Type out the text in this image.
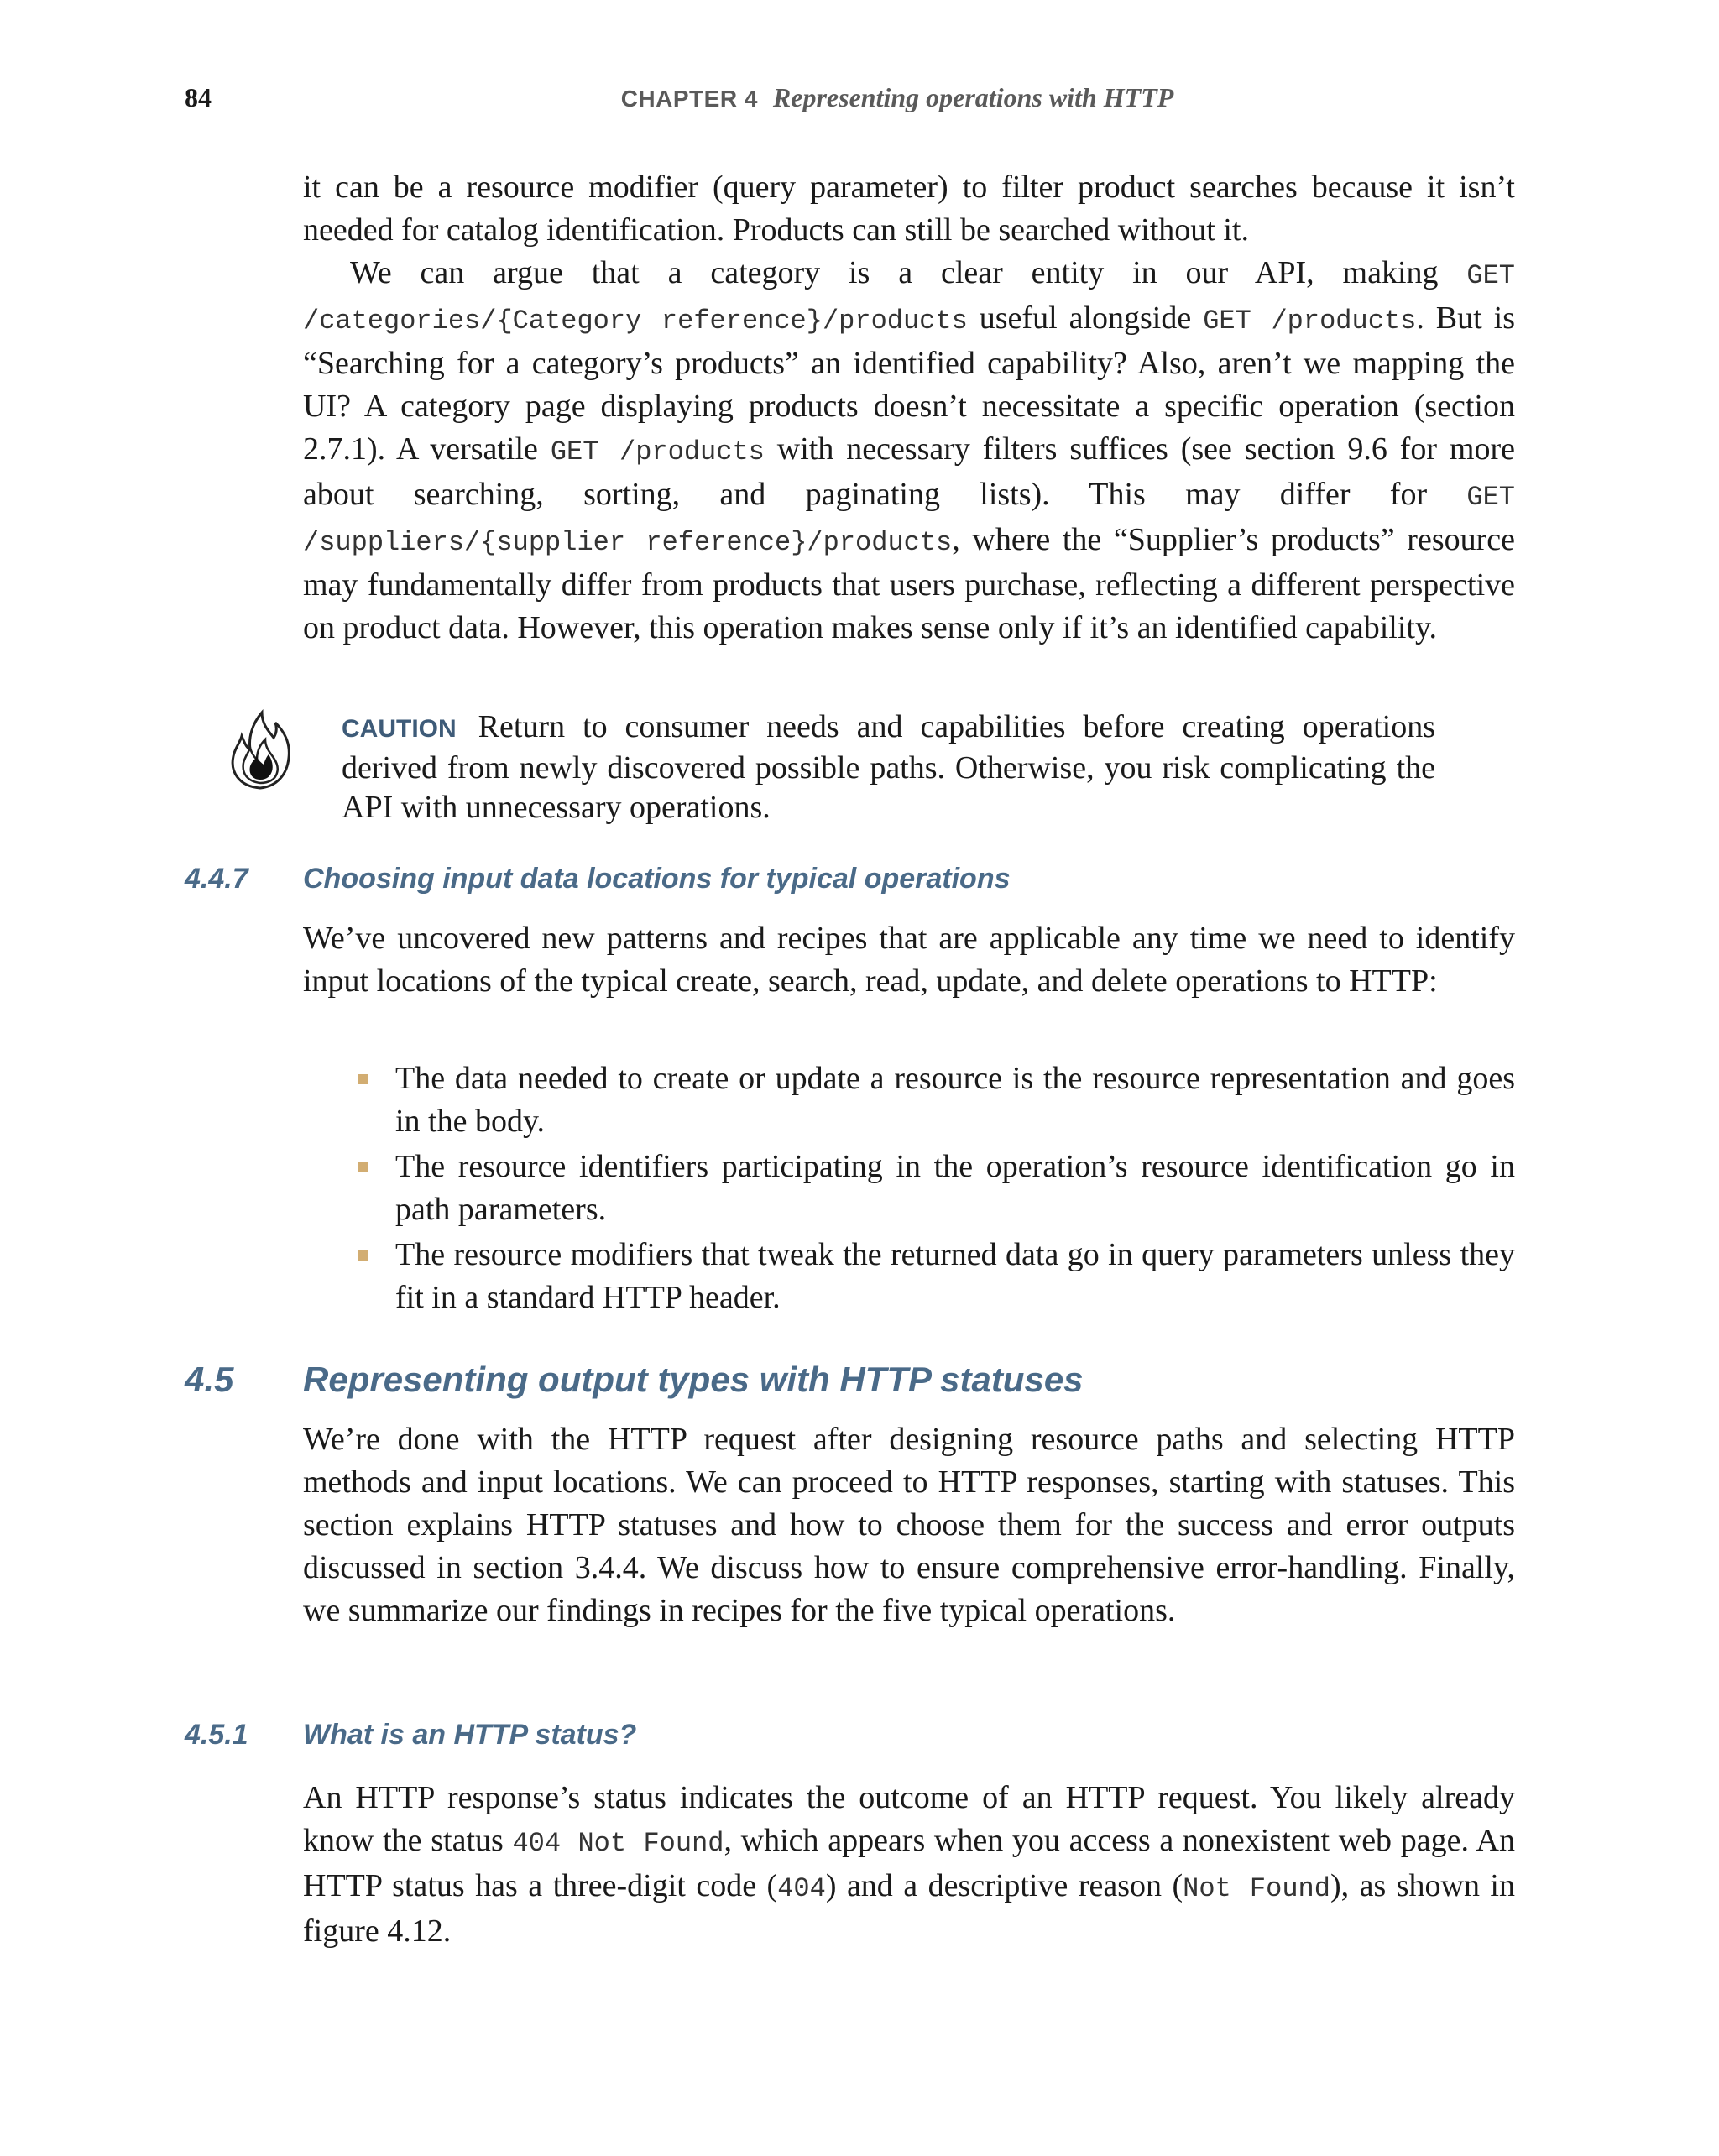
84	CHAPTER 4 Representing operations with HTTP

it can be a resource modifier (query parameter) to filter product searches because it isn’t needed for catalog identification. Products can still be searched without it.

We can argue that a category is a clear entity in our API, making GET /categories/{Category reference}/products useful alongside GET /products. But is “Searching for a category’s products” an identified capability? Also, aren’t we mapping the UI? A category page displaying products doesn’t necessitate a specific operation (section 2.7.1). A versatile GET /products with necessary filters suffices (see section 9.6 for more about searching, sorting, and paginating lists). This may differ for GET /suppliers/{supplier reference}/products, where the “Supplier’s products” resource may fundamentally differ from products that users purchase, reflecting a different perspective on product data. However, this operation makes sense only if it’s an identified capability.

CAUTION Return to consumer needs and capabilities before creating operations derived from newly discovered possible paths. Otherwise, you risk complicating the API with unnecessary operations.
4.4.7 Choosing input data locations for typical operations

We’ve uncovered new patterns and recipes that are applicable any time we need to identify input locations of the typical create, search, read, update, and delete operations to HTTP:

The data needed to create or update a resource is the resource representation and goes in the body.
The resource identifiers participating in the operation’s resource identification go in path parameters.
The resource modifiers that tweak the returned data go in query parameters unless they fit in a standard HTTP header.
4.5 Representing output types with HTTP statuses

We’re done with the HTTP request after designing resource paths and selecting HTTP methods and input locations. We can proceed to HTTP responses, starting with statuses. This section explains HTTP statuses and how to choose them for the success and error outputs discussed in section 3.4.4. We discuss how to ensure comprehensive error-handling. Finally, we summarize our findings in recipes for the five typical operations.

4.5.1 What is an HTTP status?

An HTTP response’s status indicates the outcome of an HTTP request. You likely already know the status 404 Not Found, which appears when you access a nonexistent web page. An HTTP status has a three-digit code (404) and a descriptive reason (Not Found), as shown in figure 4.12.
